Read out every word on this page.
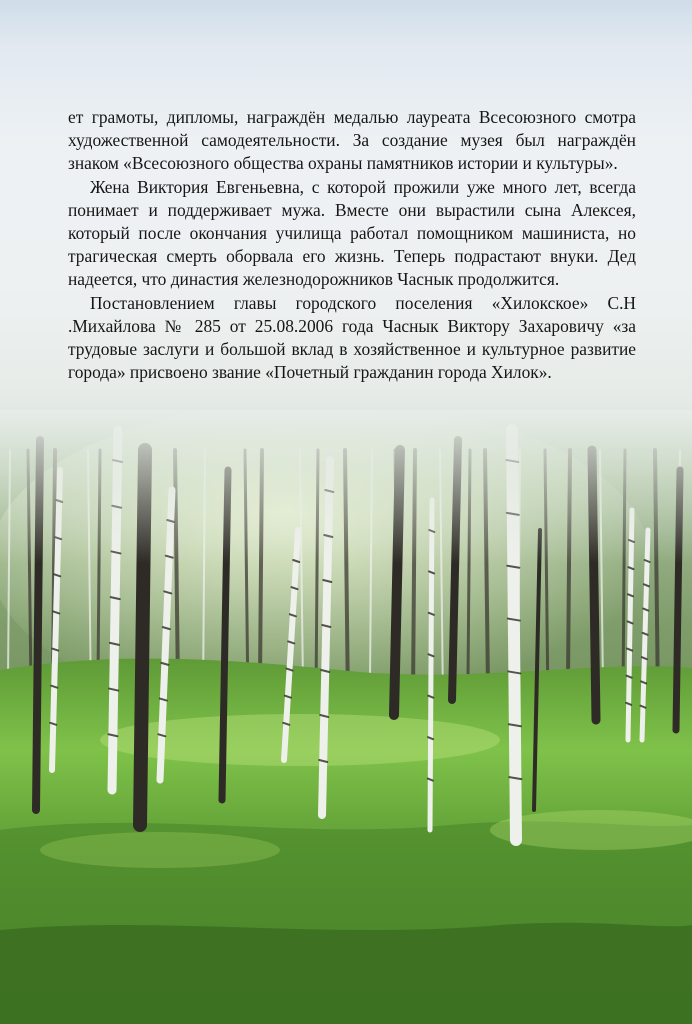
ет грамоты, дипломы, награждён медалью лауреата Всесоюзного смотра художественной самодеятельности. За создание музея был награждён знаком «Всесоюзного общества охраны памятников истории и культуры».

Жена Виктория Евгеньевна, с которой прожили уже много лет, всегда понимает и поддерживает мужа. Вместе они вырастили сына Алексея, который после окончания училища работал помощником машиниста, но трагическая смерть оборвала его жизнь. Теперь подрастают внуки. Дед надеется, что династия железнодорожников Часнык продолжится.

Постановлением главы городского поселения «Хилокское» С.Н .Михайлова № 285 от 25.08.2006 года Часнык Виктору Захаровичу «за трудовые заслуги и большой вклад в хозяйственное и культурное развитие города» присвоено звание «Почетный гражданин города Хилок».
